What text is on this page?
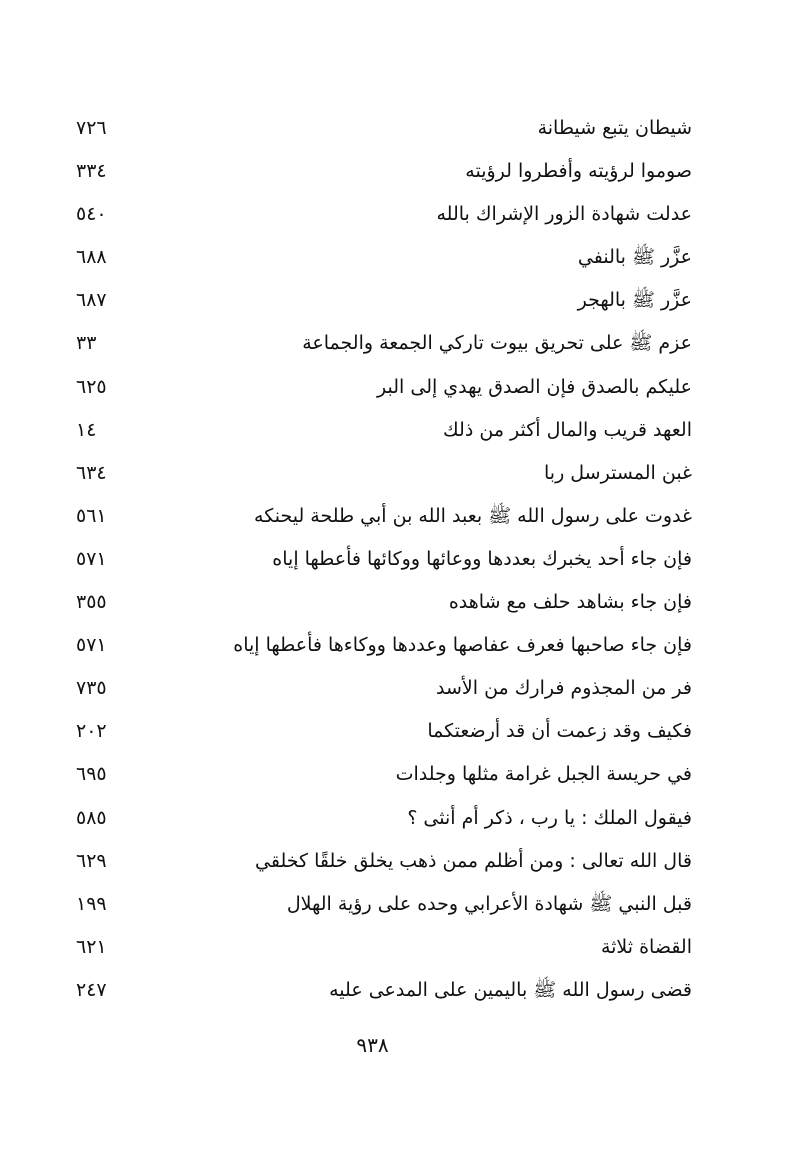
شيطان يتبع شيطانة
٧٢٦
صوموا لرؤيته وأفطروا لرؤيته
٣٣٤
عدلت شهادة الزور الإشراك بالله
٥٤٠
عزَّر ﷺ بالنفي
٦٨٨
عزَّر ﷺ بالهجر
٦٨٧
عزم ﷺ على تحريق بيوت تاركي الجمعة والجماعة
٣٣
عليكم بالصدق فإن الصدق يهدي إلى البر
٦٢٥
العهد قريب والمال أكثر من ذلك
١٤
غبن المسترسل ربا
٦٣٤
غدوت على رسول الله ﷺ بعبد الله بن أبي طلحة ليحنكه
٥٦١
فإن جاء أحد يخبرك بعددها ووعائها ووكائها فأعطها إياه
٥٧١
فإن جاء بشاهد حلف مع شاهده
٣٥٥
فإن جاء صاحبها فعرف عفاصها وعددها ووكاءها فأعطها إياه
٥٧١
فر من المجذوم فرارك من الأسد
٧٣٥
فكيف وقد زعمت أن قد أرضعتكما
٢٠٢
في حريسة الجبل غرامة مثلها وجلدات
٦٩٥
فيقول الملك : يا رب ، ذكر أم أنثى ؟
٥٨٥
قال الله تعالى : ومن أظلم ممن ذهب يخلق خلقًا كخلقي
٦٢٩
قبل النبي ﷺ شهادة الأعرابي وحده على رؤية الهلال
١٩٩
القضاة ثلاثة
٦٢١
قضى رسول الله ﷺ باليمين على المدعى عليه
٢٤٧
٩٣٨
